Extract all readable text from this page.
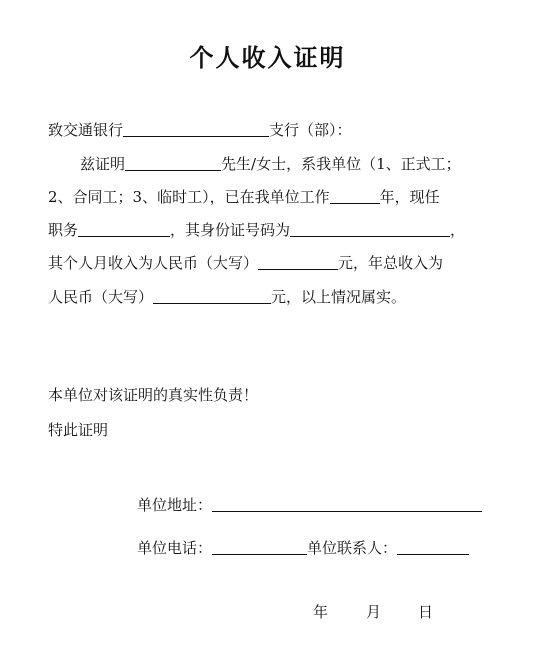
个人收入证明
致交通银行	支行（部）：
兹证明	先生/女士，系我单位（1、正式工；
2、合同工；3、临时工），已在我单位工作	年，现任
职务	，其身份证号码为	，
其个人月收入为人民币（大写）	元，年总收入为
人民币（大写）	元，以上情况属实。
本单位对该证明的真实性负责！
特此证明
单位地址：
单位电话：	单位联系人：
年	月 日
